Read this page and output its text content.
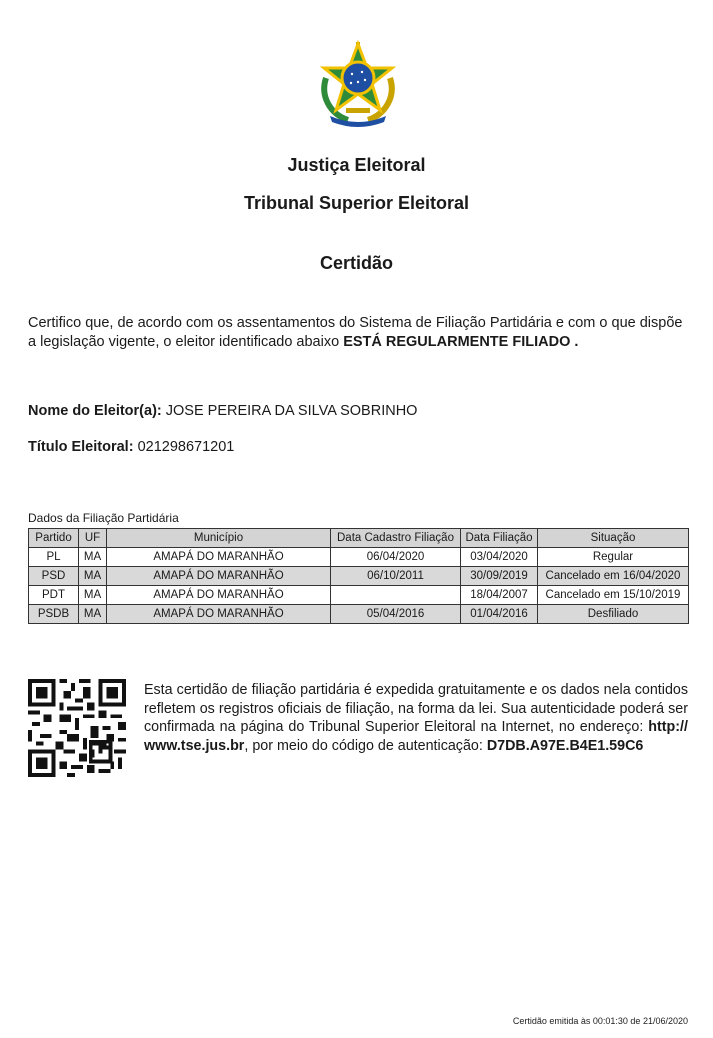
Justiça Eleitoral
Tribunal Superior Eleitoral
Certidão
Certifico que, de acordo com os assentamentos do Sistema de Filiação Partidária e com o que dispõe a legislação vigente, o eleitor identificado abaixo ESTÁ REGULARMENTE FILIADO .
Nome do Eleitor(a): JOSE PEREIRA DA SILVA SOBRINHO
Título Eleitoral: 021298671201
Dados da Filiação Partidária
Partido	UF	Município	Data Cadastro Filiação	Data Filiação	Situação
PL	MA	AMAPÁ DO MARANHÃO	06/04/2020	03/04/2020	Regular
PSD	MA	AMAPÁ DO MARANHÃO	06/10/2011	30/09/2019	Cancelado em 16/04/2020
PDT	MA	AMAPÁ DO MARANHÃO		18/04/2007	Cancelado em 15/10/2019
PSDB	MA	AMAPÁ DO MARANHÃO	05/04/2016	01/04/2016	Desfiliado
Esta certidão de filiação partidária é expedida gratuitamente e os dados nela contidos refletem os registros oficiais de filiação, na forma da lei. Sua autenticidade poderá ser confirmada na página do Tribunal Superior Eleitoral na Internet, no endereço: http:// www.tse.jus.br, por meio do código de autenticação: D7DB.A97E.B4E1.59C6
Certidão emitida às 00:01:30 de 21/06/2020
